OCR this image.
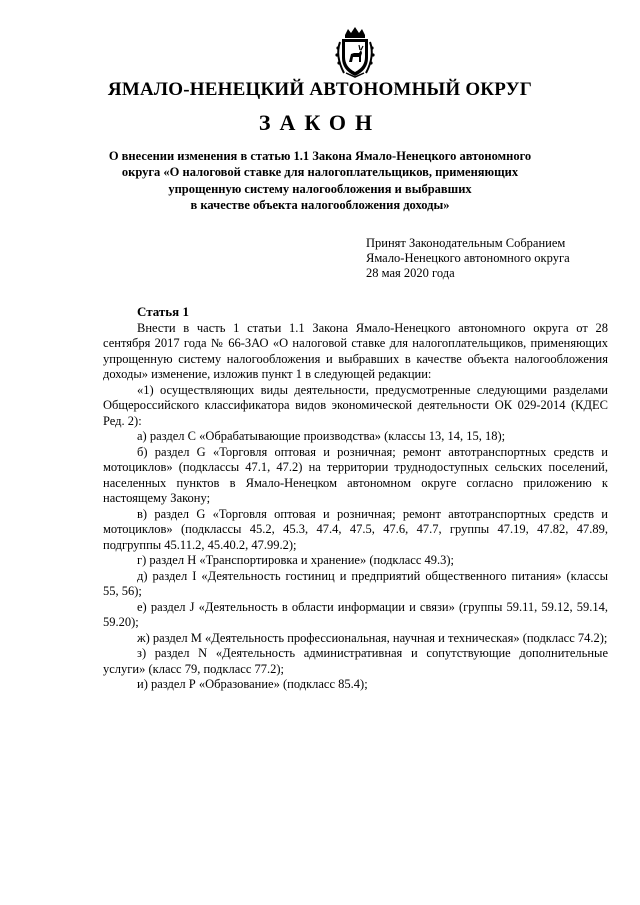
ЯМАЛО-НЕНЕЦКИЙ АВТОНОМНЫЙ ОКРУГ
ЗАКОН
О внесении изменения в статью 1.1 Закона Ямало-Ненецкого автономного
округа «О налоговой ставке для налогоплательщиков, применяющих
упрощенную систему налогообложения и выбравших
в качестве объекта налогообложения доходы»
Принят Законодательным Собранием
Ямало-Ненецкого автономного округа
28 мая 2020 года
Статья 1

Внести в часть 1 статьи 1.1 Закона Ямало-Ненецкого автономного округа от 28 сентября 2017 года № 66-ЗАО «О налоговой ставке для налогоплательщиков, применяющих упрощенную систему налогообложения и выбравших в качестве объекта налогообложения доходы» изменение, изложив пункт 1 в следующей редакции:

«1) осуществляющих виды деятельности, предусмотренные следующими разделами Общероссийского классификатора видов экономической деятельности ОК 029-2014 (КДЕС Ред. 2):

а) раздел С «Обрабатывающие производства» (классы 13, 14, 15, 18);

б) раздел G «Торговля оптовая и розничная; ремонт автотранспортных средств и мотоциклов» (подклассы 47.1, 47.2) на территории труднодоступных сельских поселений, населенных пунктов в Ямало-Ненецком автономном округе согласно приложению к настоящему Закону;

в) раздел G «Торговля оптовая и розничная; ремонт автотранспортных средств и мотоциклов» (подклассы 45.2, 45.3, 47.4, 47.5, 47.6, 47.7, группы 47.19, 47.82, 47.89, подгруппы 45.11.2, 45.40.2, 47.99.2);

г) раздел Н «Транспортировка и хранение» (подкласс 49.3);

д) раздел I «Деятельность гостиниц и предприятий общественного питания» (классы 55, 56);

е) раздел J «Деятельность в области информации и связи» (группы 59.11, 59.12, 59.14, 59.20);

ж) раздел М «Деятельность профессиональная, научная и техническая» (подкласс 74.2);

з) раздел N «Деятельность административная и сопутствующие дополнительные услуги» (класс 79, подкласс 77.2);

и) раздел Р «Образование» (подкласс 85.4);
